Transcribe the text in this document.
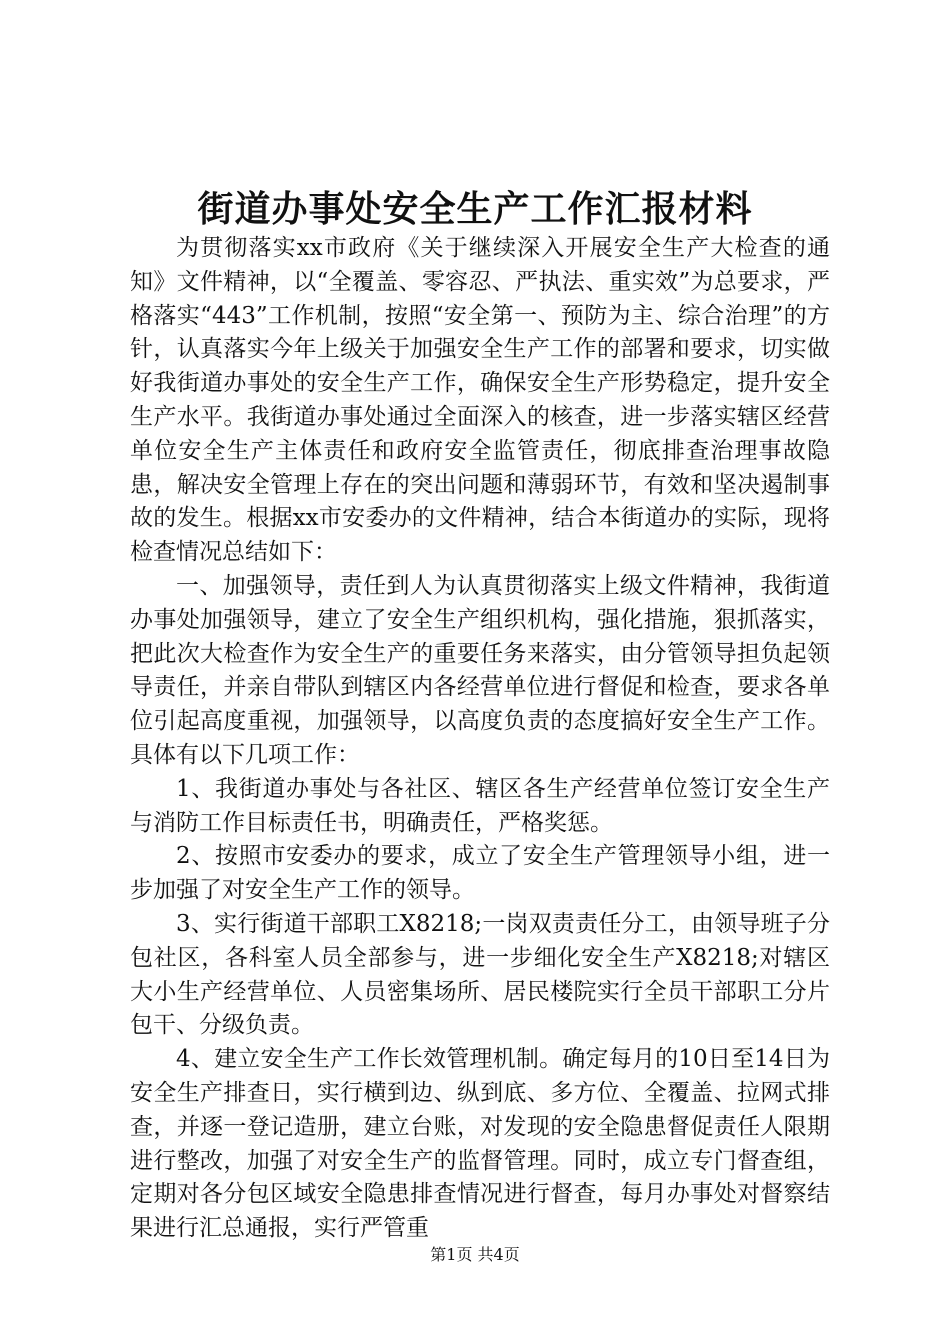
街道办事处安全生产工作汇报材料

为贯彻落实xx市政府《关于继续深入开展安全生产大检查的通知》文件精神，以“全覆盖、零容忍、严执法、重实效”为总要求，严格落实“443”工作机制，按照“安全第一、预防为主、综合治理”的方针，认真落实今年上级关于加强安全生产工作的部署和要求，切实做好我街道办事处的安全生产工作，确保安全生产形势稳定，提升安全生产水平。我街道办事处通过全面深入的核查，进一步落实辖区经营单位安全生产主体责任和政府安全监管责任，彻底排查治理事故隐患，解决安全管理上存在的突出问题和薄弱环节，有效和坚决遏制事故的发生。根据xx市安委办的文件精神，结合本街道办的实际，现将检查情况总结如下：

一、加强领导，责任到人为认真贯彻落实上级文件精神，我街道办事处加强领导，建立了安全生产组织机构，强化措施，狠抓落实，把此次大检查作为安全生产的重要任务来落实，由分管领导担负起领导责任，并亲自带队到辖区内各经营单位进行督促和检查，要求各单位引起高度重视，加强领导，以高度负责的态度搞好安全生产工作。具体有以下几项工作：

1、我街道办事处与各社区、辖区各生产经营单位签订安全生产与消防工作目标责任书，明确责任，严格奖惩。

2、按照市安委办的要求，成立了安全生产管理领导小组，进一步加强了对安全生产工作的领导。

3、实行街道干部职工X8218;一岗双责责任分工，由领导班子分包社区，各科室人员全部参与，进一步细化安全生产X8218;对辖区大小生产经营单位、人员密集场所、居民楼院实行全员干部职工分片包干、分级负责。

4、建立安全生产工作长效管理机制。确定每月的10日至14日为安全生产排查日，实行横到边、纵到底、多方位、全覆盖、拉网式排查，并逐一登记造册，建立台账，对发现的安全隐患督促责任人限期进行整改，加强了对安全生产的监督管理。同时，成立专门督查组，定期对各分包区域安全隐患排查情况进行督查，每月办事处对督察结果进行汇总通报，实行严管重

第1页 共4页
